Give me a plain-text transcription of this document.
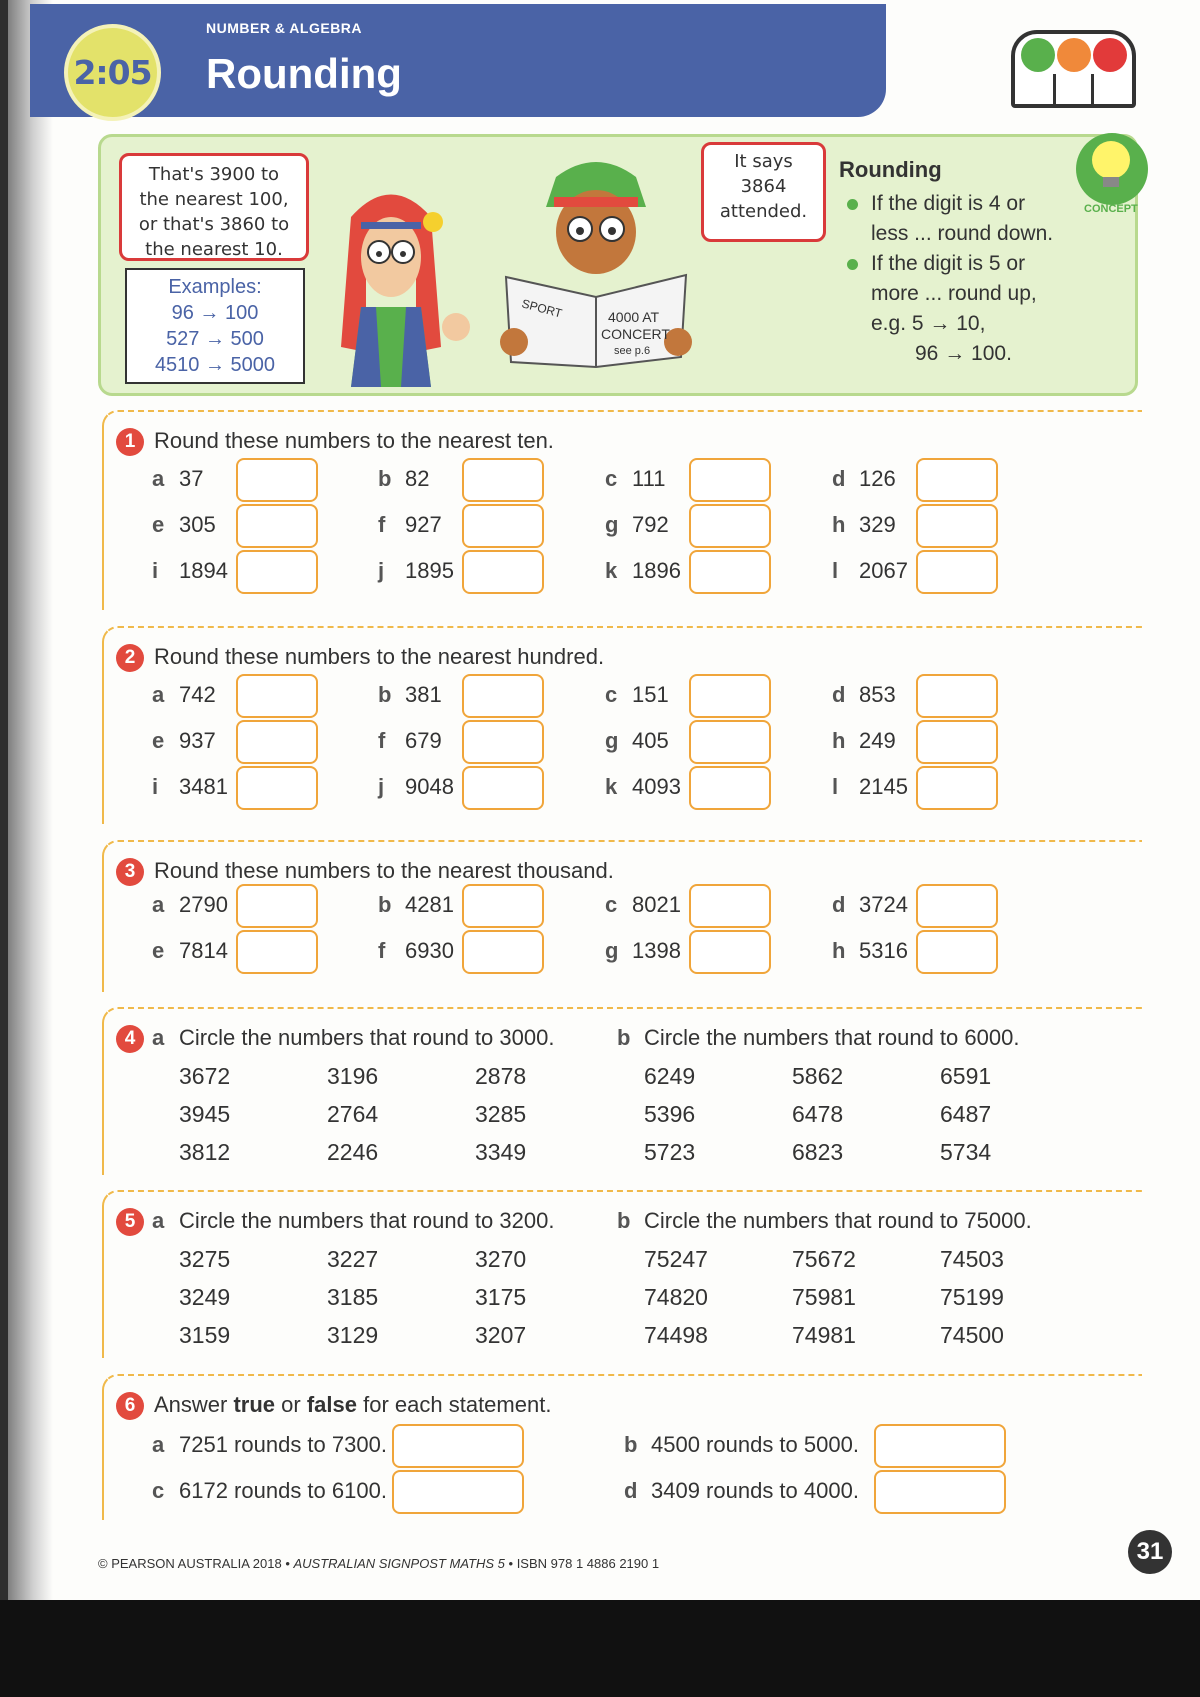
NUMBER & ALGEBRA
Rounding
2:05
That's 3900 to
the nearest 100,
or that's 3860 to
the nearest 10.
Examples:
96 → 100
527 → 500
4510 → 5000
SPORT	4000 AT
CONCERT
see p.6
It says
3864
attended.
Rounding
If the digit is 4 or
less ... round down.
If the digit is 5 or
more ... round up,
e.g. 5 → 10,
96 → 100.
CONCEPT
1 Round these numbers to the nearest ten.
a 37	b 82	c 111	d 126
e 305	f 927	g 792	h 329
i 1894	j 1895	k 1896	l 2067
2 Round these numbers to the nearest hundred.
a 742	b 381	c 151	d 853
e 937	f 679	g 405	h 249
i 3481	j 9048	k 4093	l 2145
3 Round these numbers to the nearest thousand.
a 2790	b 4281	c 8021	d 3724
e 7814	f 6930	g 1398	h 5316
4 a Circle the numbers that round to 3000.
3672	3196	2878
3945	2764	3285
3812	2246	3349
b Circle the numbers that round to 6000.
6249	5862	6591
5396	6478	6487
5723	6823	5734
5 a Circle the numbers that round to 3200.
3275	3227	3270
3249	3185	3175
3159	3129	3207
b Circle the numbers that round to 75000.
75247	75672	74503
74820	75981	75199
74498	74981	74500
6 Answer true or false for each statement.
a 7251 rounds to 7300.	b 4500 rounds to 5000.
c 6172 rounds to 6100.	d 3409 rounds to 4000.
© PEARSON AUSTRALIA 2018 • AUSTRALIAN SIGNPOST MATHS 5 • ISBN 978 1 4886 2190 1	31
